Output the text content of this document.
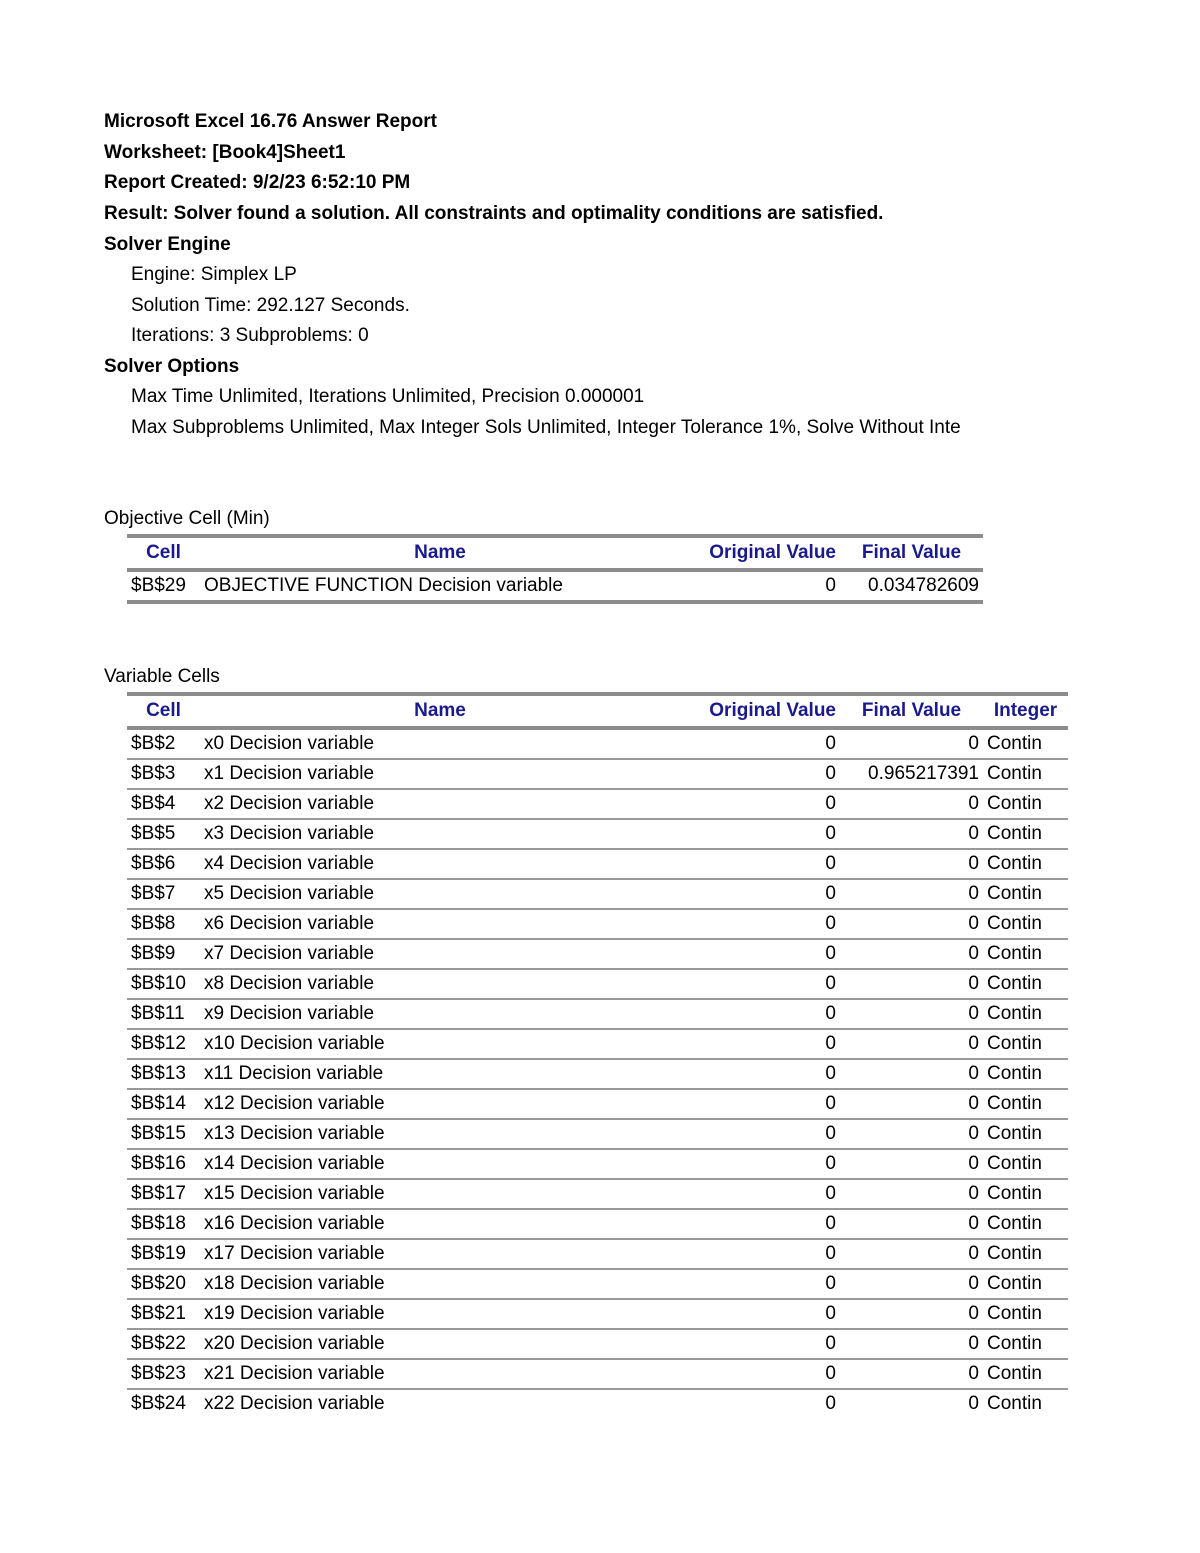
Microsoft Excel 16.76 Answer Report
Worksheet: [Book4]Sheet1
Report Created: 9/2/23 6:52:10 PM
Result: Solver found a solution. All constraints and optimality conditions are satisfied.
Solver Engine
Engine: Simplex LP
Solution Time: 292.127 Seconds.
Iterations: 3 Subproblems: 0
Solver Options
Max Time Unlimited, Iterations Unlimited, Precision 0.000001
Max Subproblems Unlimited, Max Integer Sols Unlimited, Integer Tolerance 1%, Solve Without Inte
Objective Cell (Min)
Cell	Name	Original Value	Final Value
$B$29	OBJECTIVE FUNCTION Decision variable	0	0.034782609
Variable Cells
Cell	Name	Original Value	Final Value	Integer
$B$2	x0 Decision variable	0	0	Contin
$B$3	x1 Decision variable	0	0.965217391	Contin
$B$4	x2 Decision variable	0	0	Contin
$B$5	x3 Decision variable	0	0	Contin
$B$6	x4 Decision variable	0	0	Contin
$B$7	x5 Decision variable	0	0	Contin
$B$8	x6 Decision variable	0	0	Contin
$B$9	x7 Decision variable	0	0	Contin
$B$10	x8 Decision variable	0	0	Contin
$B$11	x9 Decision variable	0	0	Contin
$B$12	x10 Decision variable	0	0	Contin
$B$13	x11 Decision variable	0	0	Contin
$B$14	x12 Decision variable	0	0	Contin
$B$15	x13 Decision variable	0	0	Contin
$B$16	x14 Decision variable	0	0	Contin
$B$17	x15 Decision variable	0	0	Contin
$B$18	x16 Decision variable	0	0	Contin
$B$19	x17 Decision variable	0	0	Contin
$B$20	x18 Decision variable	0	0	Contin
$B$21	x19 Decision variable	0	0	Contin
$B$22	x20 Decision variable	0	0	Contin
$B$23	x21 Decision variable	0	0	Contin
$B$24	x22 Decision variable	0	0	Contin
